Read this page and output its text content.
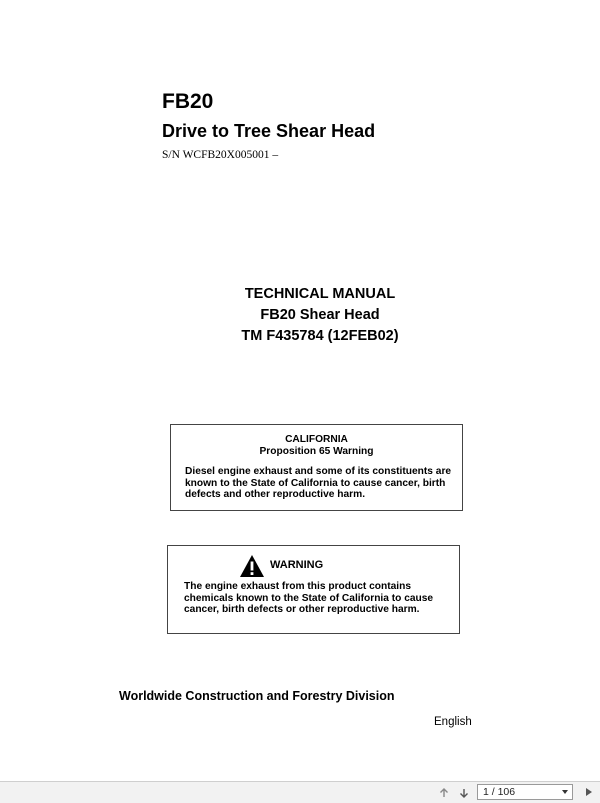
FB20
Drive to Tree Shear Head
S/N WCFB20X005001 –
TECHNICAL MANUAL
FB20 Shear Head
TM F435784 (12FEB02)
CALIFORNIA
Proposition 65 Warning
Diesel engine exhaust and some of its constituents are known to the State of California to cause cancer, birth defects and other reproductive harm.
WARNING
The engine exhaust from this product contains chemicals known to the State of California to cause cancer, birth defects or other reproductive harm.
Worldwide Construction and Forestry Division
English
1 / 106
